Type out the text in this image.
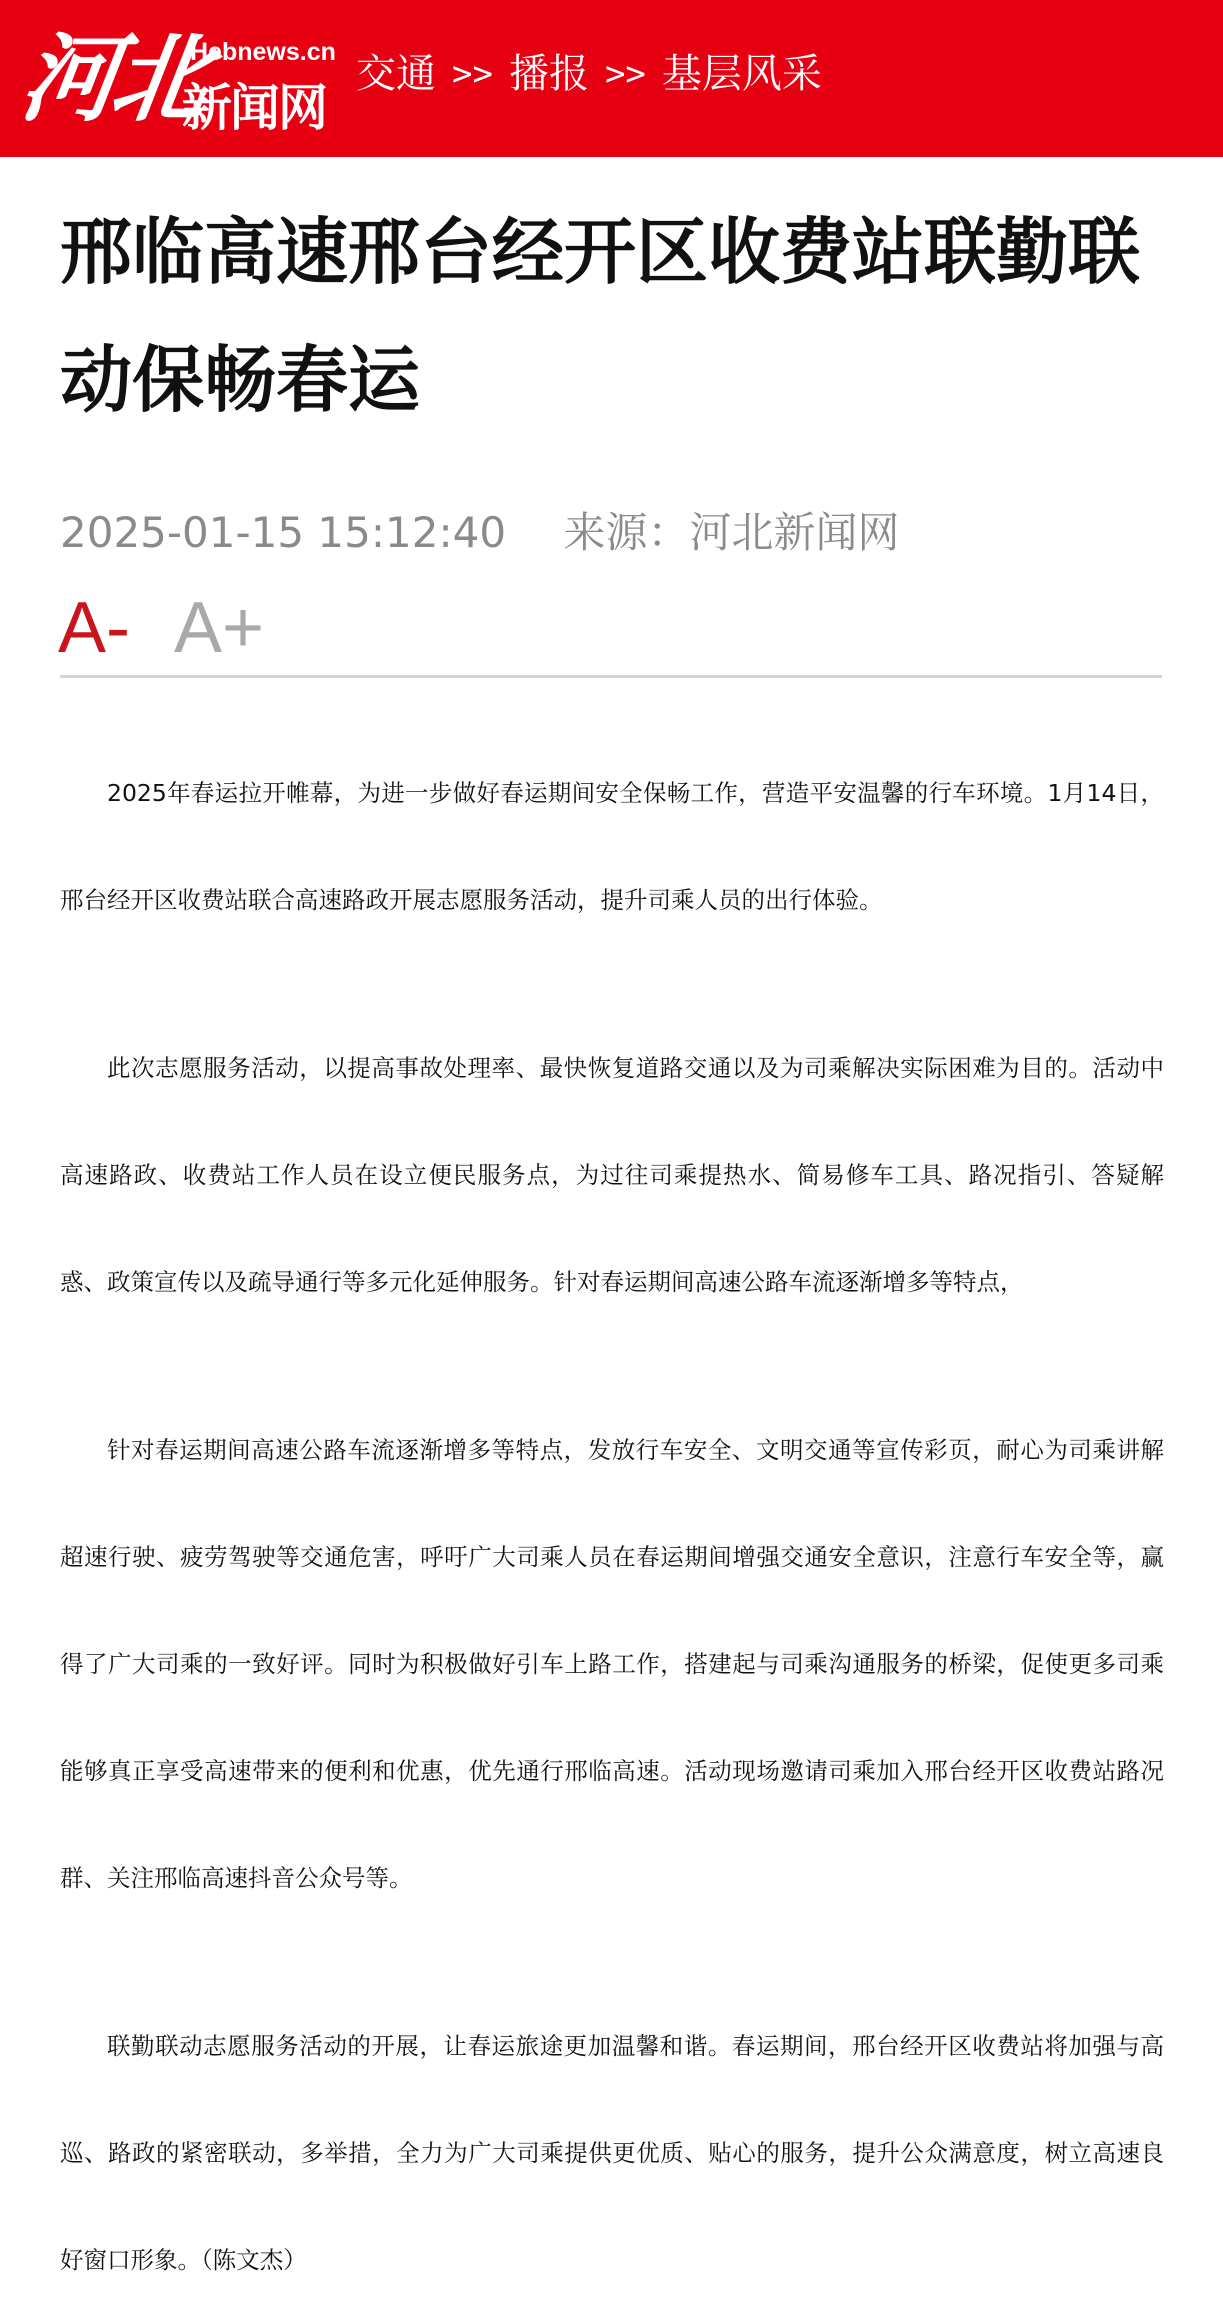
河北
Hebnews.cn
新闻网
交通 >> 播报 >> 基层风采
邢临高速邢台经开区收费站联勤联动保畅春运
2025-01-15 15:12:40 来源：河北新闻网
A- A+

2025年春运拉开帷幕，为进一步做好春运期间安全保畅工作，营造平安温馨的行车环境。1月14日，邢台经开区收费站联合高速路政开展志愿服务活动，提升司乘人员的出行体验。

此次志愿服务活动，以提高事故处理率、最快恢复道路交通以及为司乘解决实际困难为目的。活动中高速路政、收费站工作人员在设立便民服务点，为过往司乘提热水、简易修车工具、路况指引、答疑解惑、政策宣传以及疏导通行等多元化延伸服务。针对春运期间高速公路车流逐渐增多等特点，

针对春运期间高速公路车流逐渐增多等特点，发放行车安全、文明交通等宣传彩页，耐心为司乘讲解超速行驶、疲劳驾驶等交通危害，呼吁广大司乘人员在春运期间增强交通安全意识，注意行车安全等，赢得了广大司乘的一致好评。同时为积极做好引车上路工作，搭建起与司乘沟通服务的桥梁，促使更多司乘能够真正享受高速带来的便利和优惠，优先通行邢临高速。活动现场邀请司乘加入邢台经开区收费站路况群、关注邢临高速抖音公众号等。

联勤联动志愿服务活动的开展，让春运旅途更加温馨和谐。春运期间，邢台经开区收费站将加强与高巡、路政的紧密联动，多举措，全力为广大司乘提供更优质、贴心的服务，提升公众满意度，树立高速良好窗口形象。（陈文杰）
